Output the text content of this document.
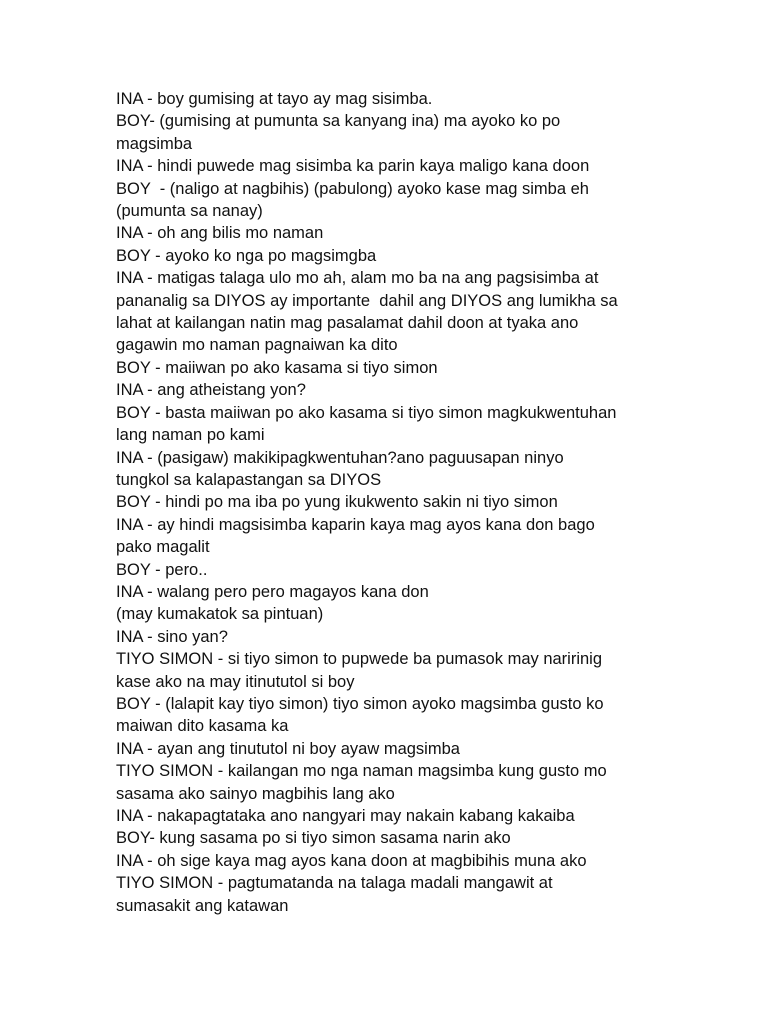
INA - boy gumising at tayo ay mag sisimba.
BOY- (gumising at pumunta sa kanyang ina) ma ayoko ko po
magsimba
INA - hindi puwede mag sisimba ka parin kaya maligo kana doon
BOY  - (naligo at nagbihis) (pabulong) ayoko kase mag simba eh
(pumunta sa nanay)
INA - oh ang bilis mo naman
BOY - ayoko ko nga po magsimgba
INA - matigas talaga ulo mo ah, alam mo ba na ang pagsisimba at
pananalig sa DIYOS ay importante  dahil ang DIYOS ang lumikha sa
lahat at kailangan natin mag pasalamat dahil doon at tyaka ano
gagawin mo naman pagnaiwan ka dito
BOY - maiiwan po ako kasama si tiyo simon
INA - ang atheistang yon?
BOY - basta maiiwan po ako kasama si tiyo simon magkukwentuhan
lang naman po kami
INA - (pasigaw) makikipagkwentuhan?ano paguusapan ninyo
tungkol sa kalapastangan sa DIYOS
BOY - hindi po ma iba po yung ikukwento sakin ni tiyo simon
INA - ay hindi magsisimba kaparin kaya mag ayos kana don bago
pako magalit
BOY - pero..
INA - walang pero pero magayos kana don
(may kumakatok sa pintuan)
INA - sino yan?
TIYO SIMON - si tiyo simon to pupwede ba pumasok may naririnig
kase ako na may itinututol si boy
BOY - (lalapit kay tiyo simon) tiyo simon ayoko magsimba gusto ko
maiwan dito kasama ka
INA - ayan ang tinututol ni boy ayaw magsimba
TIYO SIMON - kailangan mo nga naman magsimba kung gusto mo
sasama ako sainyo magbihis lang ako
INA - nakapagtataka ano nangyari may nakain kabang kakaiba
BOY- kung sasama po si tiyo simon sasama narin ako
INA - oh sige kaya mag ayos kana doon at magbibihis muna ako
TIYO SIMON - pagtumatanda na talaga madali mangawit at
sumasakit ang katawan
